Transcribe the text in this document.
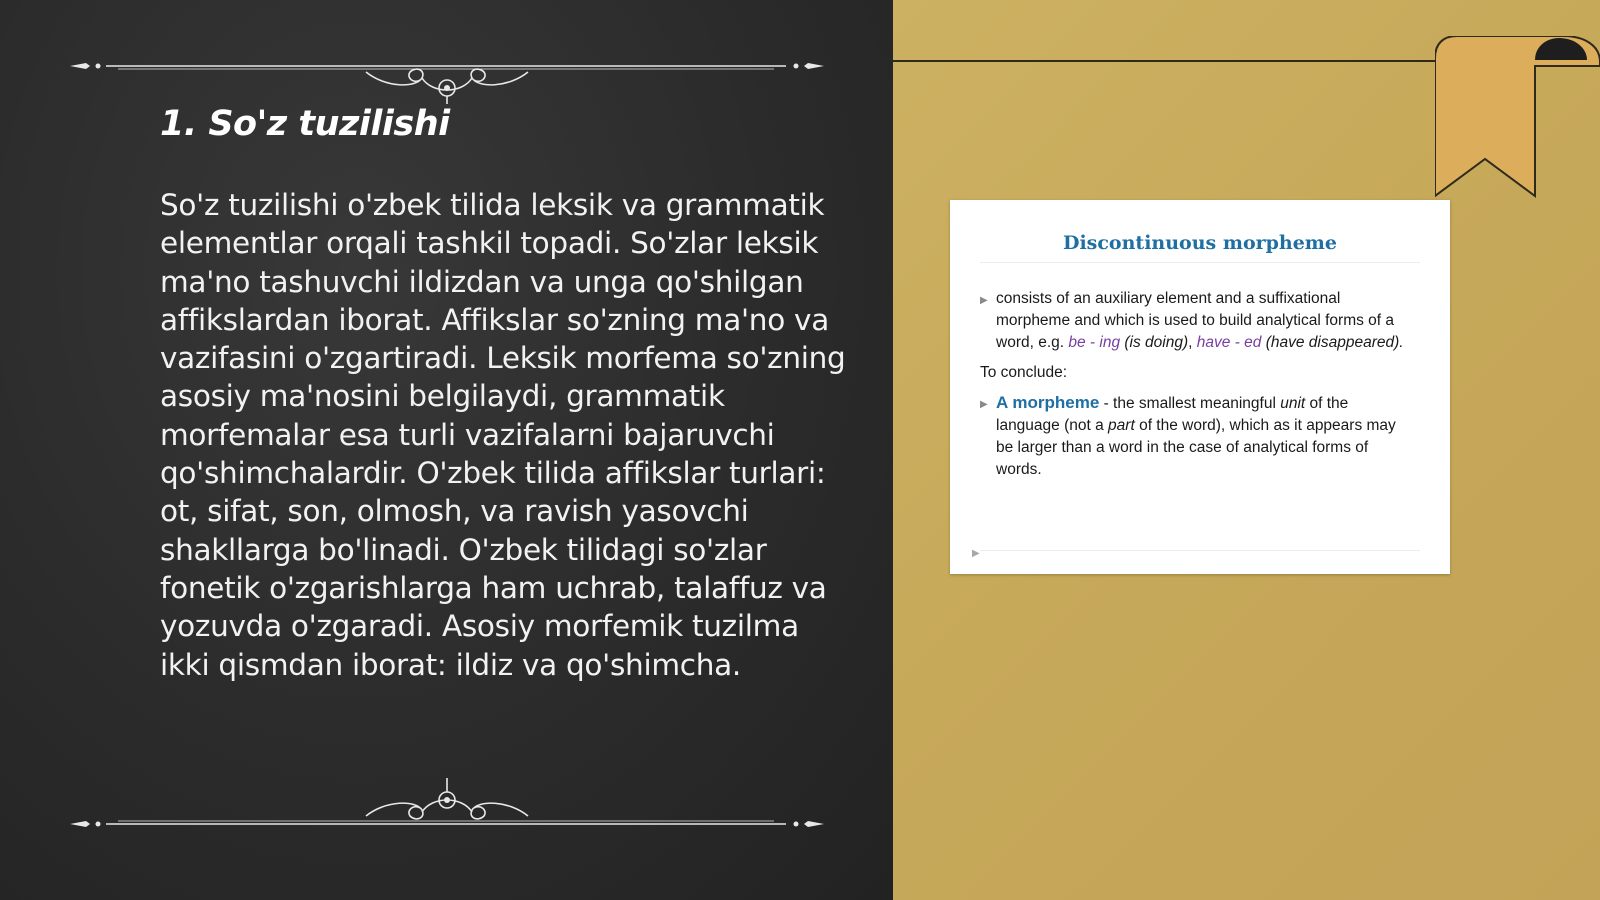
1. So'z tuzilishi

So'z tuzilishi o'zbek tilida leksik va grammatik elementlar orqali tashkil topadi. So'zlar leksik ma'no tashuvchi ildizdan va unga qo'shilgan affikslardan iborat. Affikslar so'zning ma'no va vazifasini o'zgartiradi. Leksik morfema so'zning asosiy ma'nosini belgilaydi, grammatik morfemalar esa turli vazifalarni bajaruvchi qo'shimchalardir. O'zbek tilida affikslar turlari: ot, sifat, son, olmosh, va ravish yasovchi shakllarga bo'linadi. O'zbek tilidagi so'zlar fonetik o'zgarishlarga ham uchrab, talaffuz va yozuvda o'zgaradi. Asosiy morfemik tuzilma ikki qismdan iborat: ildiz va qo'shimcha.

Discontinuous morpheme
▶ consists of an auxiliary element and a suffixational morpheme and which is used to build analytical forms of a word, e.g. be - ing (is doing), have - ed (have disappeared).
To conclude:
▶ A morpheme - the smallest meaningful unit of the language (not a part of the word), which as it appears may be larger than a word in the case of analytical forms of words.
▶
